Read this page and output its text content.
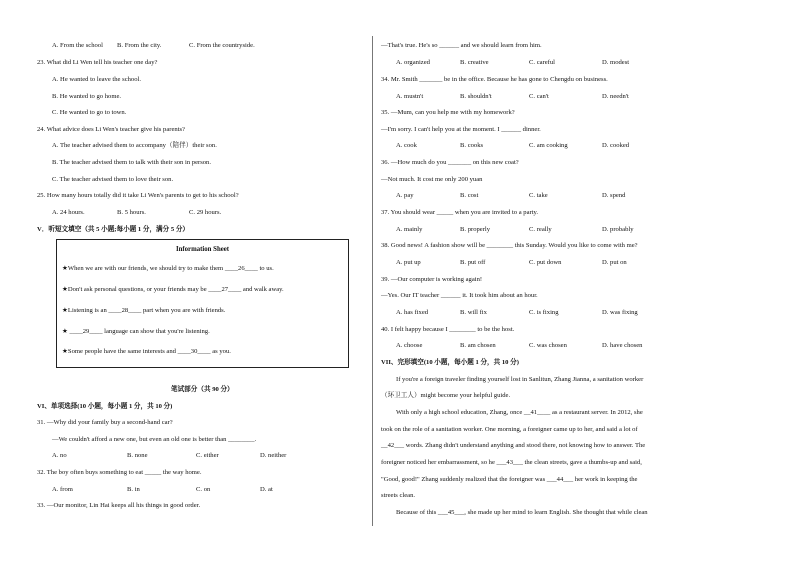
A. From the school B. From the city.	C. From the countryside.
23. What did Li Wen tell his teacher one day?
A. He wanted to leave the school.
B. He wanted to go home.
C. He wanted to go to town.
24. What advice does Li Wen's teacher give his parents?
A. The teacher advised them to accompany（陪伴）their son.
B. The teacher advised them to talk with their son in person.
C. The teacher advised them to love their son.
25. How many hours totally did it take Li Wen's parents to get to his school?
A. 24 hours.	B. 5 hours.	C. 29 hours.
V．听短文填空（共 5 小题;每小题 1 分，满分 5 分）
Information Sheet
★When we are with our friends, we should try to make them ____26____ to us.
★Don't ask personal questions, or your friends may be ____27____ and walk away.
★Listening is an ____28____ part when you are with friends.
★ ____29____ language can show that you're listening.
★Some people have the same interests and ____30____ as you.
笔试部分（共 90 分）
VI、单项选择(10 小题，每小题 1 分，共 10 分)
31. —Why did your family buy a second-hand car?
—We couldn't afford a new one, but even an old one is better than ________.
A. no	B. none	C. either	D. neither
32. The boy often buys something to eat _____ the way home.
A. from	B. in	C. on	D. at
33. —Our monitor, Lin Hai keeps all his things in good order.
—That's true. He's so ______ and we should learn from him.
A. organized	B. creative	C. careful	D. modest
34. Mr. Smith _______ be in the office. Because he has gone to Chengdu on business.
A. mustn't	B. shouldn't	C. can't	D. needn't
35. —Mum, can you help me with my homework?
—I'm sorry. I can't help you at the moment. I ______ dinner.
A. cook	B. cooks	C. am cooking	D. cooked
36. —How much do you _______ on this new coat?
—Not much. It cost me only 200 yuan
A. pay	B. cost	C. take	D. spend
37. You should wear _____ when you are invited to a party.
A. mainly	B. properly	C. really	D. probably
38. Good news! A fashion show will be ________ this Sunday. Would you like to come with me?
A. put up	B. put off	C. put down	D. put on
39. —Our computer is working again!
—Yes. Our IT teacher ______ it. It took him about an hour.
A. has fixed	B. will fix	C. is fixing	D. was fixing
40. I felt happy because I ________ to be the host.
A. choose	B. am chosen	C. was chosen	D. have chosen
VII、完形填空(10 小题，每小题 1 分，共 10 分)
If you're a foreign traveler finding yourself lost in Sanlitun, Zhang Jianna, a sanitation worker
（环卫工人）might become your helpful guide.
With only a high school education, Zhang, once __41____ as a restaurant server. In 2012, she
took on the role of a sanitation worker. One morning, a foreigner came up to her, and said a lot of
__42___ words. Zhang didn't understand anything and stood there, not knowing how to answer. The
foreigner noticed her embarrassment, so he ___43___ the clean streets, gave a thumbs-up and said,
"Good, good!" Zhang suddenly realized that the foreigner was ___44___ her work in keeping the
streets clean.
Because of this ___45___, she made up her mind to learn English. She thought that while clean
